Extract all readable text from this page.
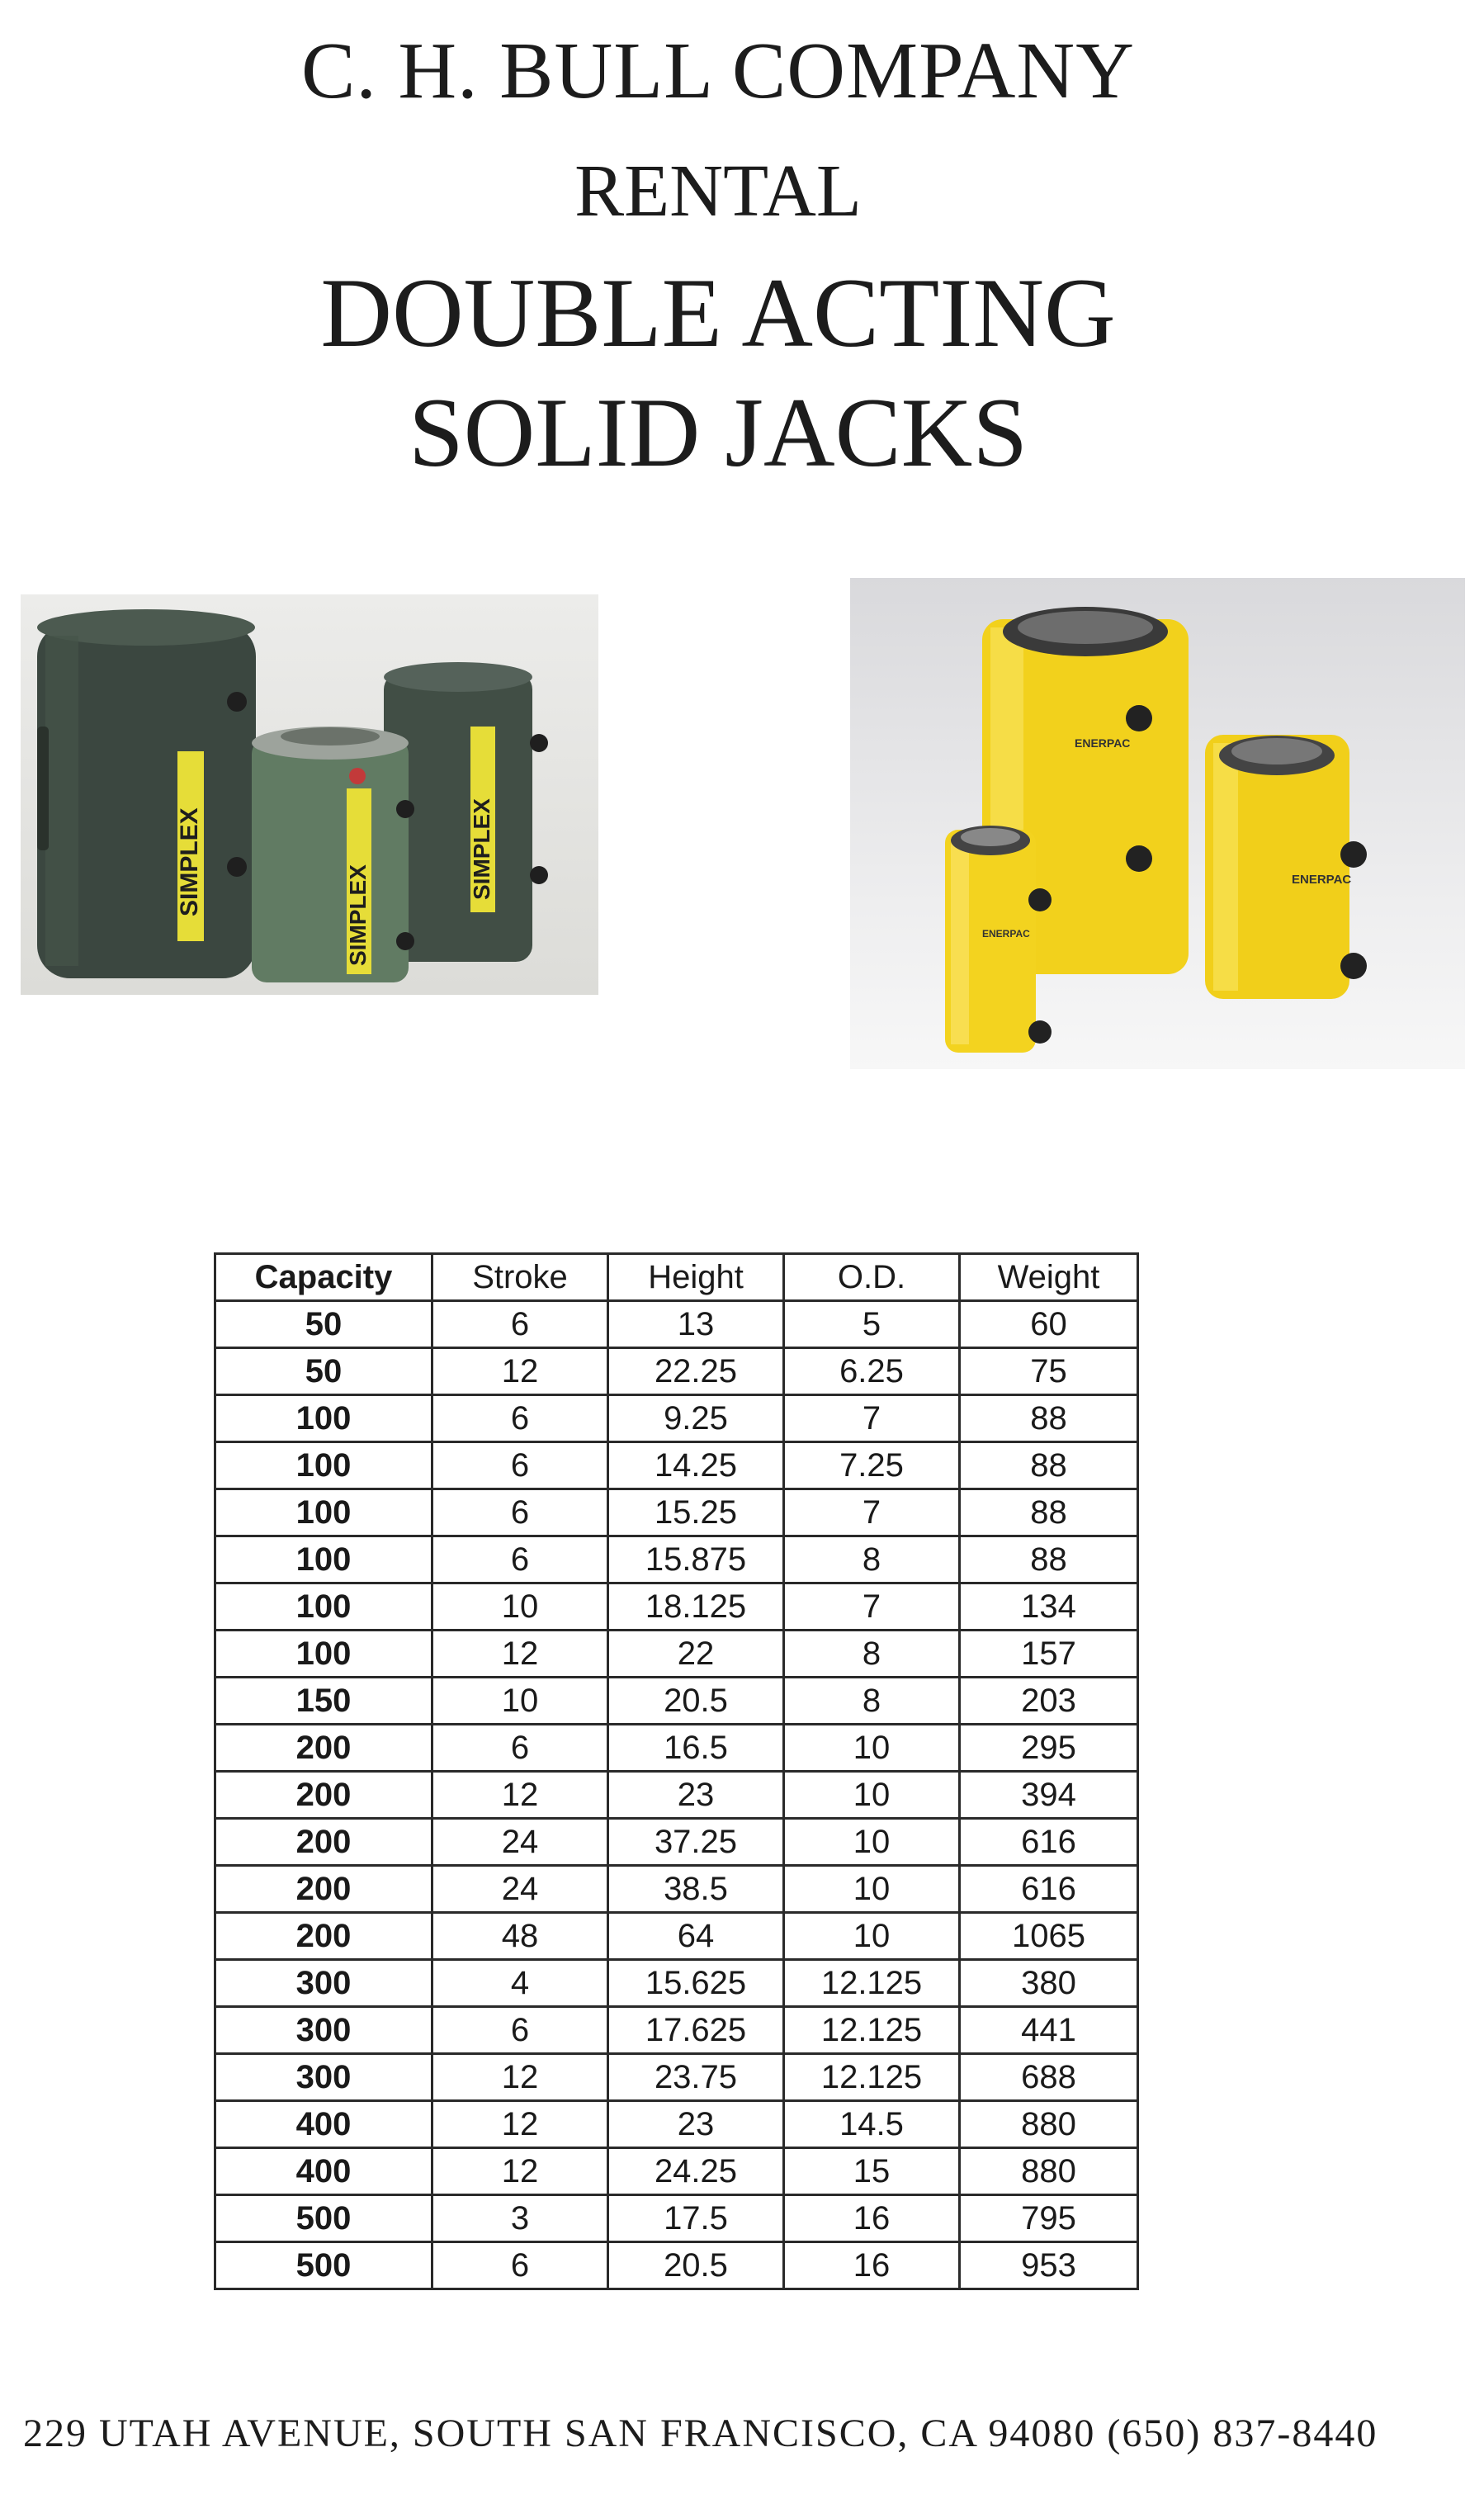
C. H. BULL COMPANY
RENTAL
DOUBLE ACTING
SOLID JACKS
SIMPLEX	SIMPLEX
SIMPLEX
ENERPAC
ENERPAC
ENERPAC
Capacity	Stroke	Height	O.D.	Weight
50	6	13	5	60
50	12	22.25	6.25	75
100	6	9.25	7	88
100	6	14.25	7.25	88
100	6	15.25	7	88
100	6	15.875	8	88
100	10	18.125	7	134
100	12	22	8	157
150	10	20.5	8	203
200	6	16.5	10	295
200	12	23	10	394
200	24	37.25	10	616
200	24	38.5	10	616
200	48	64	10	1065
300	4	15.625	12.125	380
300	6	17.625	12.125	441
300	12	23.75	12.125	688
400	12	23	14.5	880
400	12	24.25	15	880
500	3	17.5	16	795
500	6	20.5	16	953
229 UTAH AVENUE, SOUTH SAN FRANCISCO, CA 94080 (650) 837-8440
